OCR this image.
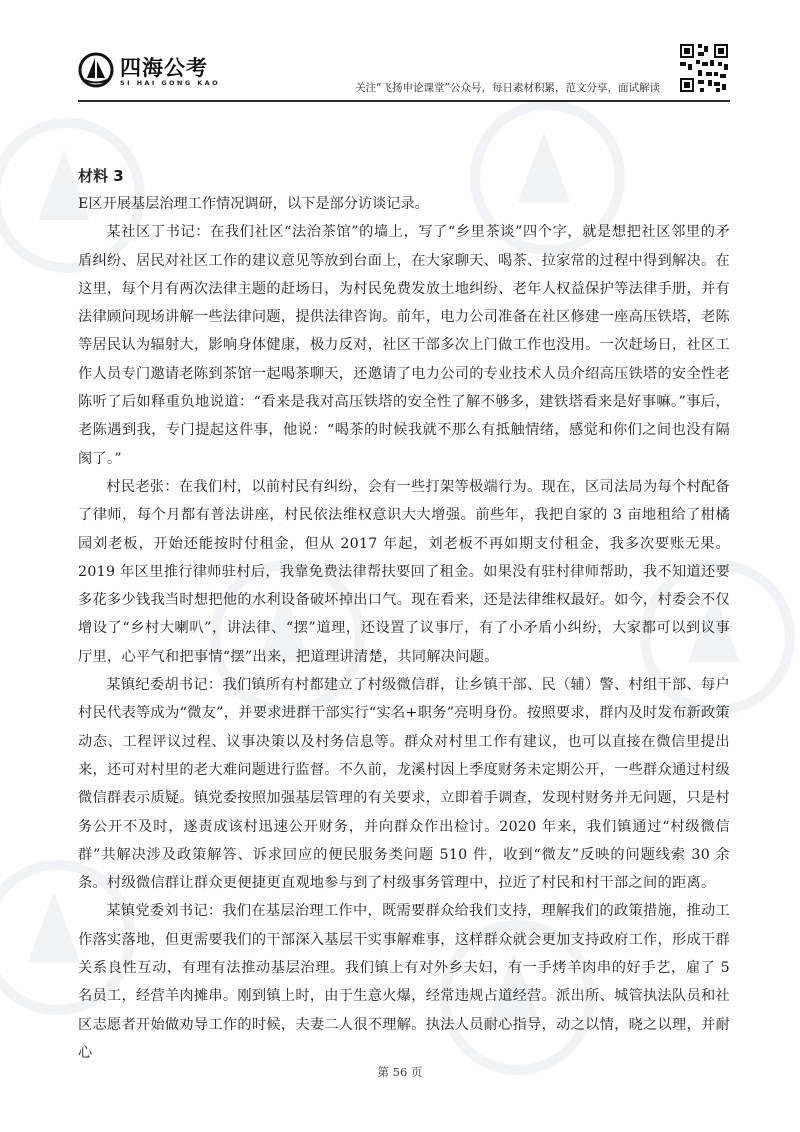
四海公考
SI HAI GONG KAO	关注“飞扬申论课堂”公众号，每日素材积累，范文分享，面试解读

材料 3

E区开展基层治理工作情况调研，以下是部分访谈记录。

某社区丁书记：在我们社区“法治茶馆”的墙上，写了“乡里茶谈”四个字，就是想把社区邻里的矛盾纠纷、居民对社区工作的建议意见等放到台面上，在大家聊天、喝茶、拉家常的过程中得到解决。在这里，每个月有两次法律主题的赶场日，为村民免费发放土地纠纷、老年人权益保护等法律手册，并有法律顾问现场讲解一些法律问题，提供法律咨询。前年，电力公司准备在社区修建一座高压铁塔，老陈等居民认为辐射大，影响身体健康，极力反对，社区干部多次上门做工作也没用。一次赶场日，社区工作人员专门邀请老陈到茶馆一起喝茶聊天，还邀请了电力公司的专业技术人员介绍高压铁塔的安全性老陈听了后如释重负地说道：“看来是我对高压铁塔的安全性了解不够多，建铁塔看来是好事嘛。”事后，老陈遇到我，专门提起这件事，他说：“喝茶的时候我就不那么有抵触情绪，感觉和你们之间也没有隔阂了。”

村民老张：在我们村，以前村民有纠纷，会有一些打架等极端行为。现在，区司法局为每个村配备了律师，每个月都有普法讲座，村民依法维权意识大大增强。前些年，我把自家的 3 亩地租给了柑橘园刘老板，开始还能按时付租金，但从 2017 年起，刘老板不再如期支付租金，我多次要账无果。2019 年区里推行律师驻村后，我靠免费法律帮扶要回了租金。如果没有驻村律师帮助，我不知道还要多花多少钱我当时想把他的水利设备破坏掉出口气。现在看来，还是法律维权最好。如今，村委会不仅增设了“乡村大喇叭”，讲法律、“摆”道理，还设置了议事厅，有了小矛盾小纠纷，大家都可以到议事厅里，心平气和把事情“摆”出来，把道理讲清楚，共同解决问题。

某镇纪委胡书记：我们镇所有村都建立了村级微信群，让乡镇干部、民（辅）警、村组干部、每户村民代表等成为“微友”，并要求进群干部实行“实名+职务”亮明身份。按照要求，群内及时发布新政策动态、工程评议过程、议事决策以及村务信息等。群众对村里工作有建议，也可以直接在微信里提出来，还可对村里的老大难问题进行监督。不久前，龙溪村因上季度财务未定期公开，一些群众通过村级微信群表示质疑。镇党委按照加强基层管理的有关要求，立即着手调查，发现村财务并无问题，只是村务公开不及时，遂责成该村迅速公开财务，并向群众作出检讨。2020 年来，我们镇通过“村级微信群”共解决涉及政策解答、诉求回应的便民服务类问题 510 件，收到“微友”反映的问题线索 30 余条。村级微信群让群众更便捷更直观地参与到了村级事务管理中，拉近了村民和村干部之间的距离。

某镇党委刘书记：我们在基层治理工作中，既需要群众给我们支持，理解我们的政策措施，推动工作落实落地，但更需要我们的干部深入基层干实事解难事，这样群众就会更加支持政府工作，形成干群关系良性互动，有理有法推动基层治理。我们镇上有对外乡夫妇，有一手烤羊肉串的好手艺，雇了 5 名员工，经营羊肉摊串。刚到镇上时，由于生意火爆，经常违规占道经营。派出所、城管执法队员和社区志愿者开始做劝导工作的时候，夫妻二人很不理解。执法人员耐心指导，动之以情，晓之以理，并耐心

第 56 页
